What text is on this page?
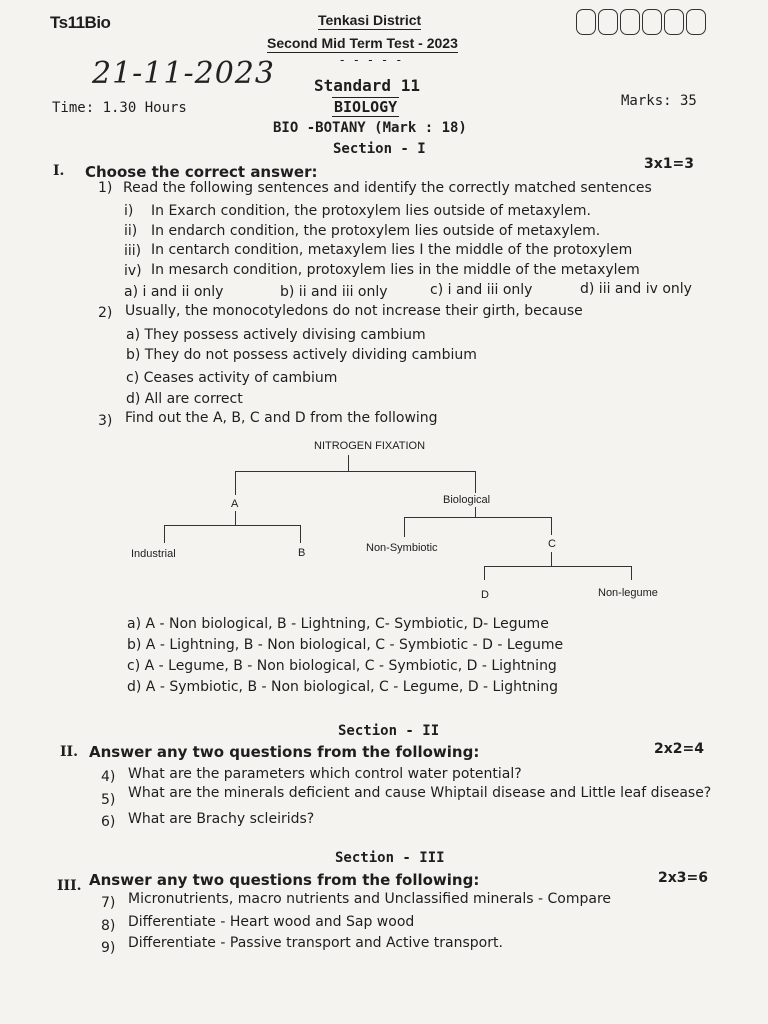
Ts11Bio	Tenkasi District
Second Mid Term Test - 2023
- - - - -
21-11-2023 Standard 11
BIOLOGY
Time: 1.30 Hours	Marks: 35
BIO -BOTANY (Mark : 18)
Section - I
I. Choose the correct answer:	3x1=3
1) Read the following sentences and identify the correctly matched sentences
i) In Exarch condition, the protoxylem lies outside of metaxylem.
ii) In endarch condition, the protoxylem lies outside of metaxylem.
iii) In centarch condition, metaxylem lies I the middle of the protoxylem
iv) In mesarch condition, protoxylem lies in the middle of the metaxylem
a) i and ii only	b) ii and iii only	c) i and iii only	d) iii and iv only
2) Usually, the monocotyledons do not increase their girth, because
a) They possess actively divising cambium
b) They do not possess actively dividing cambium
c) Ceases activity of cambium
d) All are correct
3) Find out the A, B, C and D from the following
NITROGEN FIXATION
A	Biological
Industrial	B	Non-Symbiotic	C
D	Non-legume
a) A - Non biological, B - Lightning, C- Symbiotic, D- Legume
b) A - Lightning, B - Non biological, C - Symbiotic - D - Legume
c) A - Legume, B - Non biological, C - Symbiotic, D - Lightning
d) A - Symbiotic, B - Non biological, C - Legume, D - Lightning
Section - II
II. Answer any two questions from the following:	2x2=4
4) What are the parameters which control water potential?
5) What are the minerals deficient and cause Whiptail disease and Little leaf disease?
6) What are Brachy scleirids?
Section - III
III. Answer any two questions from the following:	2x3=6
7) Micronutrients, macro nutrients and Unclassified minerals - Compare
8) Differentiate - Heart wood and Sap wood
9) Differentiate - Passive transport and Active transport.
